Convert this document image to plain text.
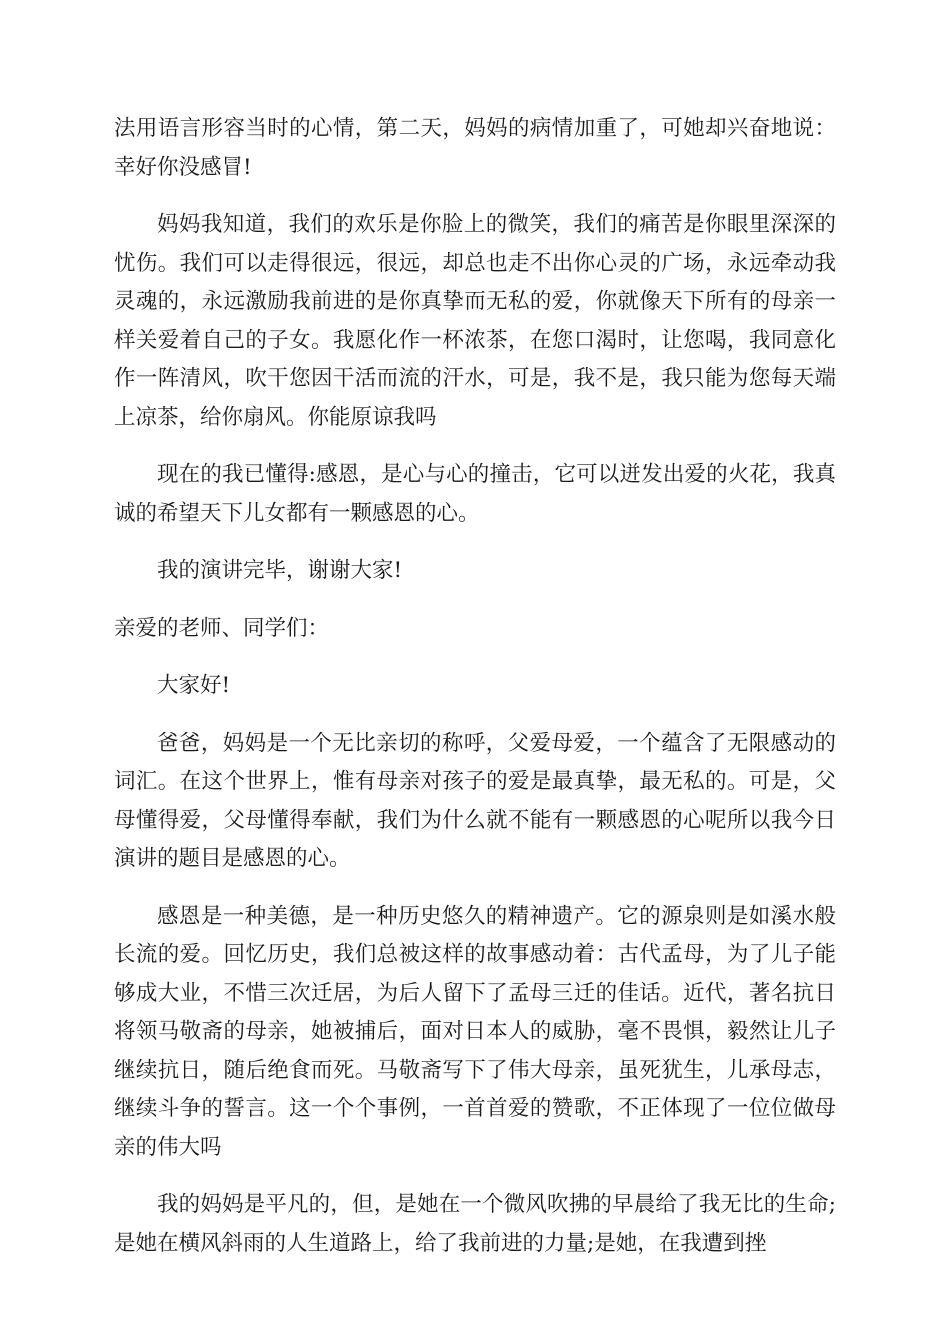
法用语言形容当时的心情，第二天，妈妈的病情加重了，可她却兴奋地说：幸好你没感冒!

妈妈我知道，我们的欢乐是你脸上的微笑，我们的痛苦是你眼里深深的忧伤。我们可以走得很远，很远，却总也走不出你心灵的广场，永远牵动我灵魂的，永远激励我前进的是你真挚而无私的爱，你就像天下所有的母亲一样关爱着自己的子女。我愿化作一杯浓茶，在您口渴时，让您喝，我同意化作一阵清风，吹干您因干活而流的汗水，可是，我不是，我只能为您每天端上凉茶，给你扇风。你能原谅我吗

现在的我已懂得:感恩，是心与心的撞击，它可以迸发出爱的火花，我真诚的希望天下儿女都有一颗感恩的心。

我的演讲完毕，谢谢大家!

亲爱的老师、同学们：

大家好!

爸爸，妈妈是一个无比亲切的称呼，父爱母爱，一个蕴含了无限感动的词汇。在这个世界上，惟有母亲对孩子的爱是最真挚，最无私的。可是，父母懂得爱，父母懂得奉献，我们为什么就不能有一颗感恩的心呢所以我今日演讲的题目是感恩的心。

感恩是一种美德，是一种历史悠久的精神遗产。它的源泉则是如溪水般长流的爱。回忆历史，我们总被这样的故事感动着：古代孟母，为了儿子能够成大业，不惜三次迁居，为后人留下了孟母三迁的佳话。近代，著名抗日将领马敬斋的母亲，她被捕后，面对日本人的威胁，毫不畏惧，毅然让儿子继续抗日，随后绝食而死。马敬斋写下了伟大母亲，虽死犹生，儿承母志，继续斗争的誓言。这一个个事例，一首首爱的赞歌，不正体现了一位位做母亲的伟大吗

我的妈妈是平凡的，但，是她在一个微风吹拂的早晨给了我无比的生命;是她在横风斜雨的人生道路上，给了我前进的力量;是她，在我遭到挫
